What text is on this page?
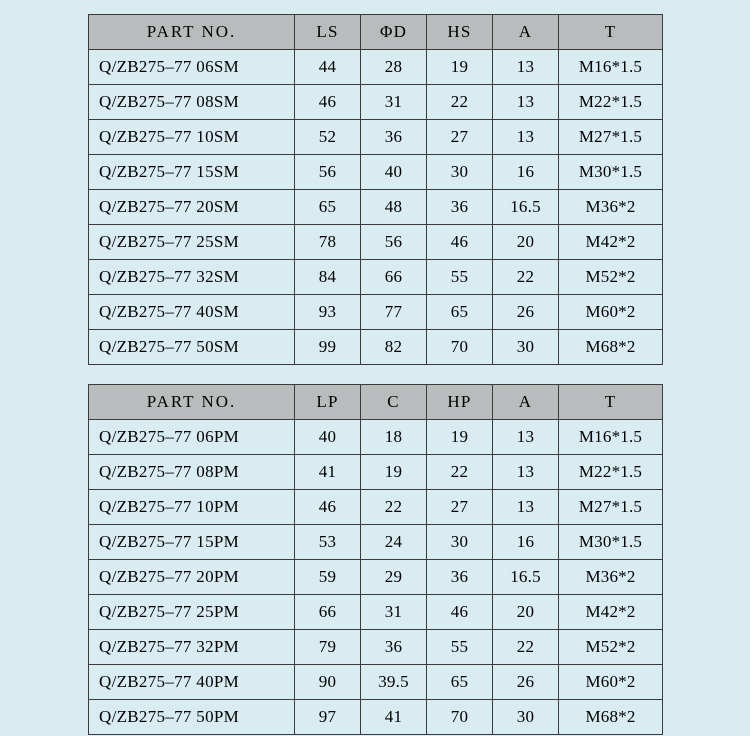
PART NO.	LS	ΦD	HS	A	T
Q/ZB275–77 06SM	44	28	19	13	M16*1.5
Q/ZB275–77 08SM	46	31	22	13	M22*1.5
Q/ZB275–77 10SM	52	36	27	13	M27*1.5
Q/ZB275–77 15SM	56	40	30	16	M30*1.5
Q/ZB275–77 20SM	65	48	36	16.5	M36*2
Q/ZB275–77 25SM	78	56	46	20	M42*2
Q/ZB275–77 32SM	84	66	55	22	M52*2
Q/ZB275–77 40SM	93	77	65	26	M60*2
Q/ZB275–77 50SM	99	82	70	30	M68*2
PART NO.	LP	C	HP	A	T
Q/ZB275–77 06PM	40	18	19	13	M16*1.5
Q/ZB275–77 08PM	41	19	22	13	M22*1.5
Q/ZB275–77 10PM	46	22	27	13	M27*1.5
Q/ZB275–77 15PM	53	24	30	16	M30*1.5
Q/ZB275–77 20PM	59	29	36	16.5	M36*2
Q/ZB275–77 25PM	66	31	46	20	M42*2
Q/ZB275–77 32PM	79	36	55	22	M52*2
Q/ZB275–77 40PM	90	39.5	65	26	M60*2
Q/ZB275–77 50PM	97	41	70	30	M68*2
